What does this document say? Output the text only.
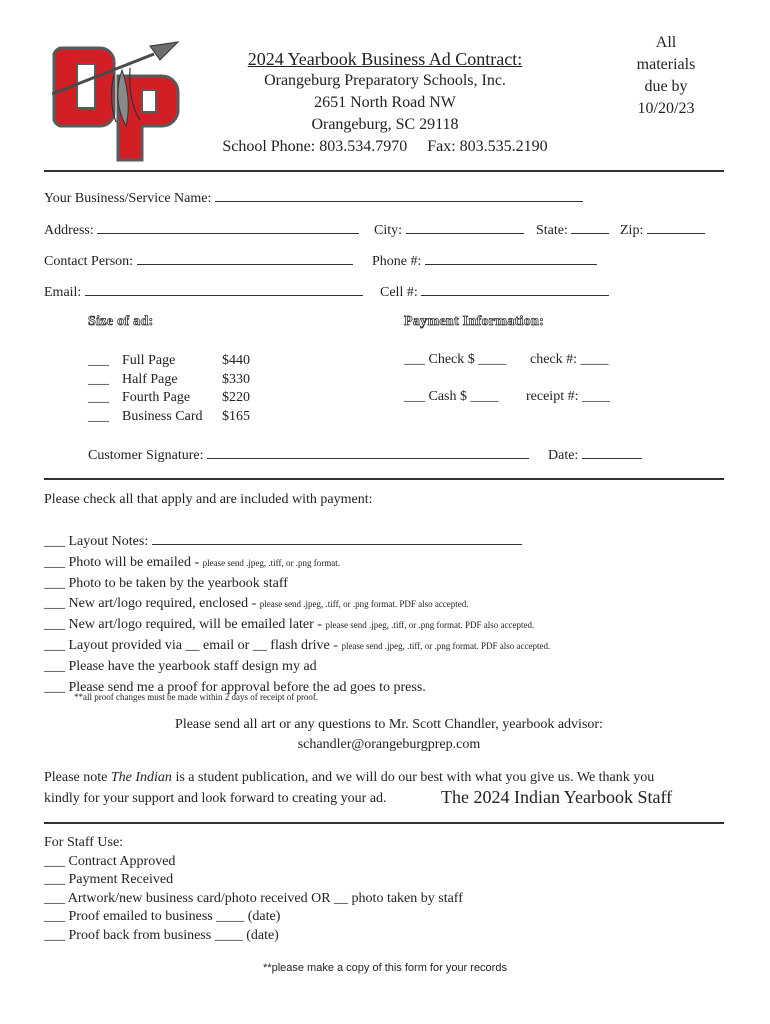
2024 Yearbook Business Ad Contract:
Orangeburg Preparatory Schools, Inc.
2651 North Road NW
Orangeburg, SC 29118
School Phone: 803.534.7970     Fax: 803.535.2190
All
materials
due by
10/20/23
Your Business/Service Name:
Address:	City:	State:	Zip:
Contact Person:	Phone #:
Email:	Cell #:
Size of ad:
___ Full Page	$440
___ Half Page	$330
___ Fourth Page $220
___ Business Card $165
Payment Information:
___ Check $ ____ check #: ____
___ Cash $ ____ receipt #: ____
Customer Signature:	Date:
Please check all that apply and are included with payment:
___ Layout Notes:
___ Photo will be emailed - please send .jpeg, .tiff, or .png format.
___ Photo to be taken by the yearbook staff
___ New art/logo required, enclosed - please send .jpeg, .tiff, or .png format. PDF also accepted.
___ New art/logo required, will be emailed later - please send .jpeg, .tiff, or .png format. PDF also accepted.
___ Layout provided via __ email or __ flash drive - please send .jpeg, .tiff, or .png format. PDF also accepted.
___ Please have the yearbook staff design my ad
___ Please send me a proof for approval before the ad goes to press.
**all proof changes must be made within 2 days of receipt of proof.
Please send all art or any questions to Mr. Scott Chandler, yearbook advisor:
schandler@orangeburgprep.com
Please note The Indian is a student publication, and we will do our best with what you give us. We thank you
kindly for your support and look forward to creating your ad.	The 2024 Indian Yearbook Staff
For Staff Use:
___ Contract Approved
___ Payment Received
___ Artwork/new business card/photo received OR __ photo taken by staff
___ Proof emailed to business ____ (date)
___ Proof back from business ____ (date)
**please make a copy of this form for your records
